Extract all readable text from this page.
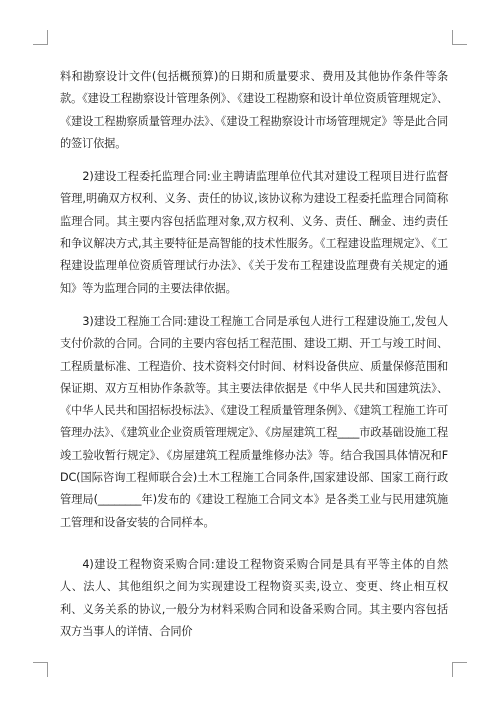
料和勘察设计文件(包括概预算)的日期和质量要求、费用及其他协作条件等条款。《建设工程勘察设计管理条例》、《建设工程勘察和设计单位资质管理规定》、《建设工程勘察质量管理办法》、《建设工程勘察设计市场管理规定》等是此合同的签订依据。

2)建设工程委托监理合同:业主聘请监理单位代其对建设工程项目进行监督管理,明确双方权利、义务、责任的协议,该协议称为建设工程委托监理合同简称监理合同。其主要内容包括监理对象,双方权利、义务、责任、酬金、违约责任和争议解决方式,其主要特征是高智能的技术性服务。《工程建设监理规定》、《工程建设监理单位资质管理试行办法》、《关于发布工程建设监理费有关规定的通知》等为监理合同的主要法律依据。

3)建设工程施工合同:建设工程施工合同是承包人进行工程建设施工,发包人支付价款的合同。合同的主要内容包括工程范围、建设工期、开工与竣工时间、工程质量标准、工程造价、技术资料交付时间、材料设备供应、质量保修范围和保证期、双方互相协作条款等。其主要法律依据是《中华人民共和国建筑法》、《中华人民共和国招标投标法》、《建设工程质量管理条例》、《建筑工程施工许可管理办法》、《建筑业企业资质管理规定》、《房屋建筑工程____市政基础设施工程竣工验收暂行规定》、《房屋建筑工程质量维修办法》等。结合我国具体情况和FDC(国际咨询工程师联合会)土木工程施工合同条件,国家建设部、国家工商行政管理局(________年)发布的《建设工程施工合同文本》是各类工业与民用建筑施工管理和设备安装的合同样本。

4)建设工程物资采购合同:建设工程物资采购合同是具有平等主体的自然人、法人、其他组织之间为实现建设工程物资买卖,设立、变更、终止相互权利、义务关系的协议,一般分为材料采购合同和设备采购合同。其主要内容包括双方当事人的详情、合同价
